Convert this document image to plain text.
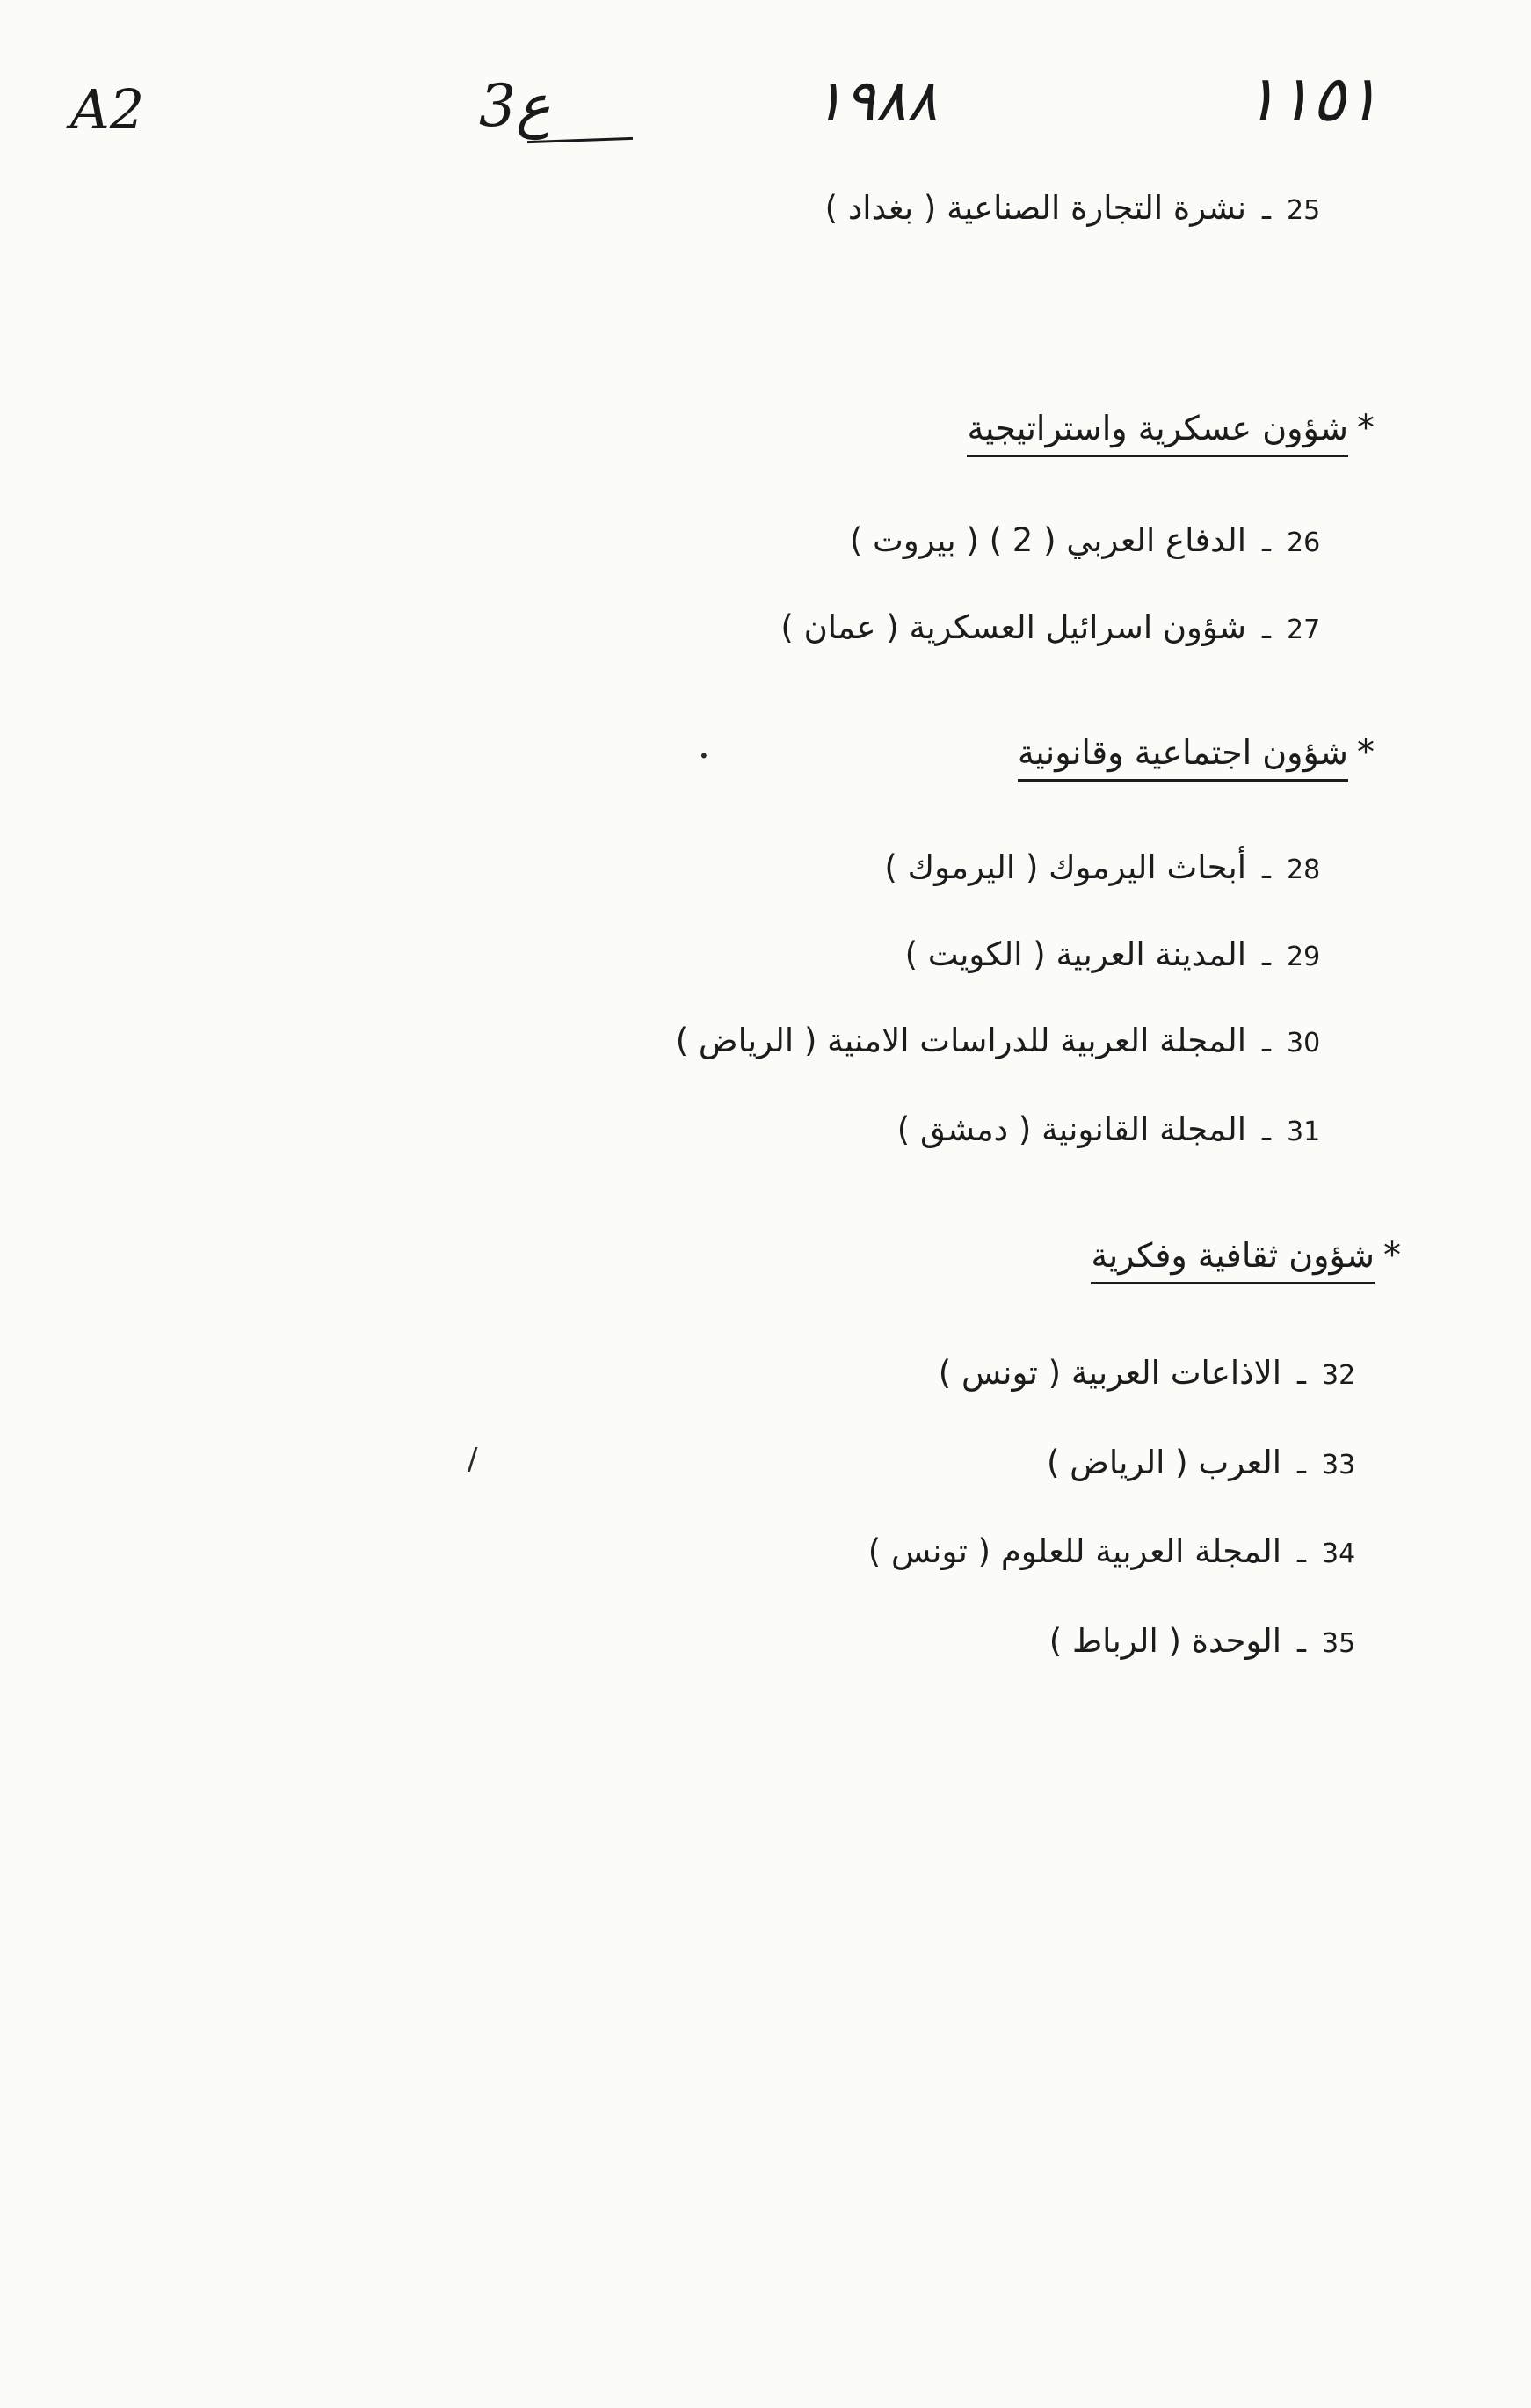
A2	3ع	١٩٨٨	١١٥١
25
ـ
نشرة التجارة الصناعية ( بغداد )
*
شؤون عسكرية واستراتيجية
26
ـ
الدفاع العربي ( 2 ) ( بيروت )
27
ـ
شؤون اسرائيل العسكرية ( عمان )
*
شؤون اجتماعية وقانونية
28
ـ
أبحاث اليرموك ( اليرموك )
29
ـ
المدينة العربية ( الكويت )
30
ـ
المجلة العربية للدراسات الامنية ( الرياض )
31
ـ
المجلة القانونية ( دمشق )
*
شؤون ثقافية وفكرية
32
ـ
الاذاعات العربية ( تونس )
33
ـ
العرب ( الرياض )
34
ـ
المجلة العربية للعلوم ( تونس )
35
ـ
الوحدة ( الرباط )
/
•
